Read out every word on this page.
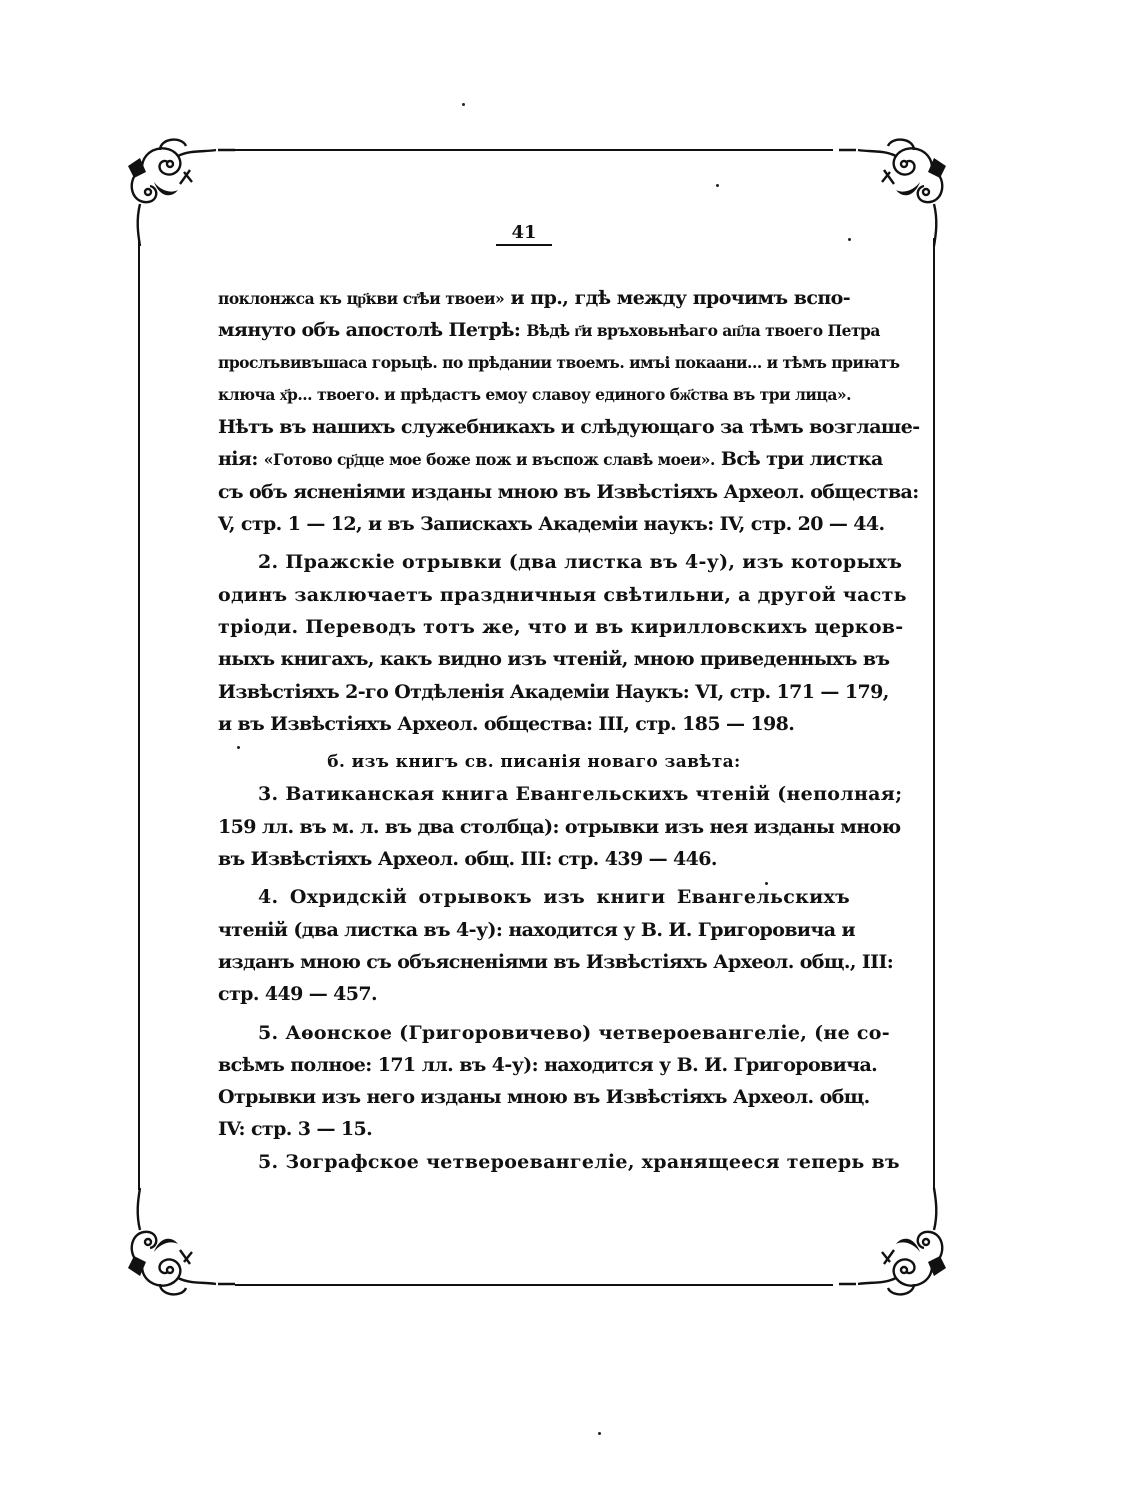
41
поклонжса къ цр҃кви ст҃ѣи твоеи» и пр., гдѣ между прочимъ вспо-
мянуто объ апостолѣ Петрѣ: Вѣдѣ г҃и връховьнѣаго ап҃ла твоего Петра
прослъвивъшаса горьцѣ. по прѣдании твоемъ. имъі покаани... и тѣмъ приꙗтъ
ключа х҃р... твоего. и прѣдастъ емоу славоу единого бж҃ства въ три лица».
Нѣтъ въ нашихъ служебникахъ и слѣдующаго за тѣмъ возглаше-
нія: «Готово ср҃дце мое боже пож и въспож славѣ моеи». Всѣ три листка
съ объ ясненіями изданы мною въ Извѣстіяхъ Археол. общества:
V, стр. 1 — 12, и въ Запискахъ Академіи наукъ: IV, стр. 20 — 44.
2. Пражскіе отрывки (два листка въ 4-у), изъ которыхъ
одинъ заключаетъ праздничныя свѣтильни, а другой часть
тріоди. Переводъ тотъ же, что и въ кирилловскихъ церков-
ныхъ книгахъ, какъ видно изъ чтеній, мною приведенныхъ въ
Извѣстіяхъ 2-го Отдѣленія Академіи Наукъ: VI, стр. 171 — 179,
и въ Извѣстіяхъ Археол. общества: III, стр. 185 — 198.
б. изъ книгъ св. писанія новаго завѣта:
3. Ватиканская книга Евангельскихъ чтеній (неполная;
159 лл. въ м. л. въ два столбца): отрывки изъ нея изданы мною
въ Извѣстіяхъ Археол. общ. III: стр. 439 — 446.
4. Охридскій отрывокъ изъ книги Евангельскихъ
чтеній (два листка въ 4-у): находится у В. И. Григоровича и
изданъ мною съ объясненіями въ Извѣстіяхъ Археол. общ., III:
стр. 449 — 457.
5. Аѳонское (Григоровичево) четвероевангеліе, (не со-
всѣмъ полное: 171 лл. въ 4-у): находится у В. И. Григоровича.
Отрывки изъ него изданы мною въ Извѣстіяхъ Археол. общ.
IV: стр. 3 — 15.
5. Зографское четвероевангеліе, хранящееся теперь въ
